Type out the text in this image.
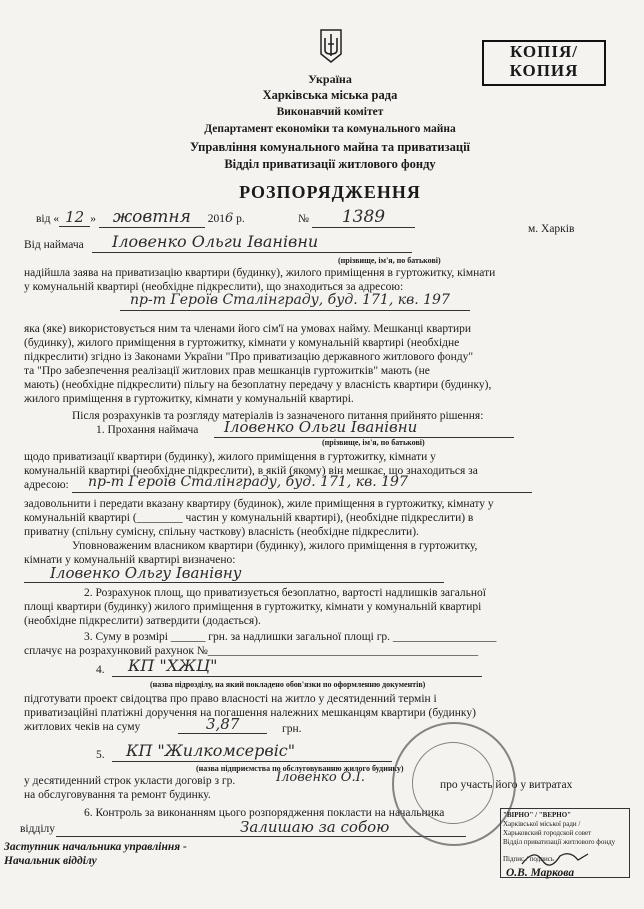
КОПІЯ/
КОПИЯ
Україна
Харківська міська рада
Виконавчий комітет
Департамент економіки та комунального майна
Управління комунального майна та приватизації
Відділ приватизації житлового фонду
РОЗПОРЯДЖЕННЯ
від « 12 » жовтня 2016 р.	№ 1389
м. Харків
Від наймача Іловенко Ольги Іванівни
(прізвище, ім'я, по батькові)
надійшла заява на приватизацію квартири (будинку), жилого приміщення в гуртожитку, кімнати
у комунальній квартирі (необхідне підкреслити), що знаходиться за адресою:
пр-т Героїв Сталінграду, буд. 171, кв. 197
яка (яке) використовується ним та членами його сім'ї на умовах найму. Мешканці квартири
(будинку), жилого приміщення в гуртожитку, кімнати у комунальній квартирі (необхідне
підкреслити) згідно із Законами України "Про приватизацію державного житлового фонду"
та "Про забезпечення реалізації житлових прав мешканців гуртожитків" мають (не
мають) (необхідне підкреслити) пільгу на безоплатну передачу у власність квартири (будинку),
жилого приміщення в гуртожитку, кімнати у комунальній квартирі.
Після розрахунків та розгляду матеріалів із зазначеного питання прийнято рішення:
1. Прохання наймача Іловенко Ольги Іванівни
(прізвище, ім'я, по батькові)
щодо приватизації квартири (будинку), жилого приміщення в гуртожитку, кімнати у
комунальній квартирі (необхідне підкреслити), в якій (якому) він мешкає, що знаходиться за
адресою: пр-т Героїв Сталінграду, буд. 171, кв. 197
задовольнити і передати вказану квартиру (будинок), жиле приміщення в гуртожитку, кімнату у
комунальній квартирі (________ частин у комунальній квартирі), (необхідне підкреслити) в
приватну (спільну сумісну, спільну часткову) власність (необхідне підкреслити).
Уповноваженим власником квартири (будинку), жилого приміщення в гуртожитку,
кімнати у комунальній квартирі визначено:
Іловенко Ольгу Іванівну
2. Розрахунок площ, що приватизується безоплатно, вартості надлишків загальної
площі квартири (будинку) жилого приміщення в гуртожитку, кімнати у комунальній квартирі
(необхідне підкреслити) затвердити (додається).
3. Суму в розмірі ______ грн. за надлишки загальної площі гр. __________________
сплачує на розрахунковий рахунок №_______________________________________________
4. КП "ХЖЦ"
(назва підрозділу, на який покладено обов'язки по оформленню документів)
підготувати проект свідоцтва про право власності на житло у десятиденний термін і
приватизаційні платіжні доручення на погашення належних мешканцям квартири (будинку)
житлових чеків на суму	3,87	грн.
5. КП "Жилкомсервіс"
(назва підприємства по обслуговуванню жилого будинку)
у десятиденний строк укласти договір з гр.	Іловенко О.І.	про участь його у витратах
на обслуговування та ремонт будинку.
6. Контроль за виконанням цього розпорядження покласти на начальника
відділу	Залишаю за собою
Заступник начальника управління -
Начальник відділу
О.В. Маркова
"ВІРНО" / "ВЕРНО"
Харківської міської ради /
Харьковский городской совет
Відділ приватизації житлового фонду
Підпис / подпись
